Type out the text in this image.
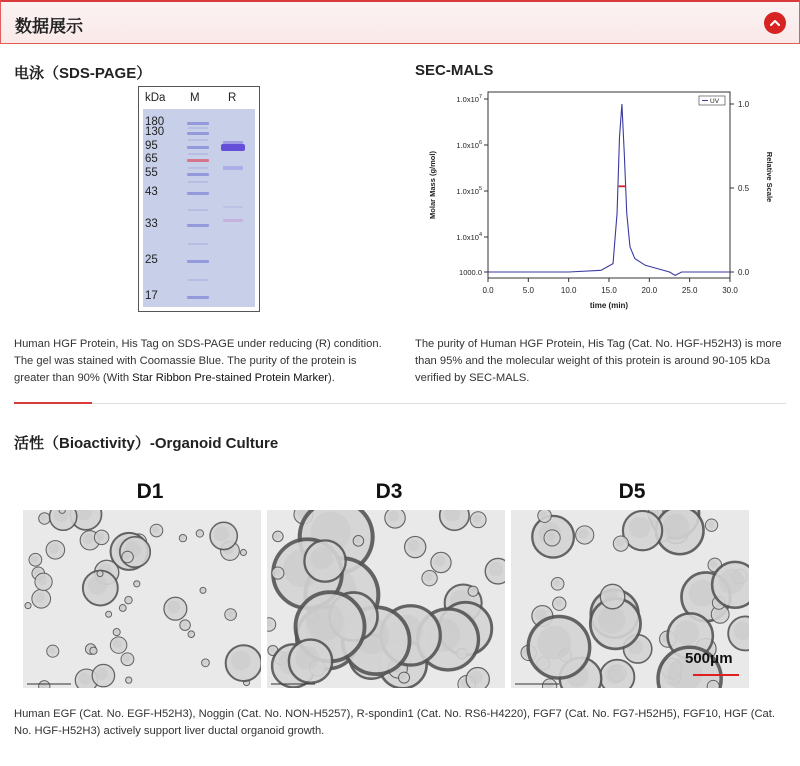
数据展示
电泳（SDS-PAGE）
kDa M R
180
130
95
65
55
43
33
25
17
Human HGF Protein, His Tag on SDS-PAGE under reducing (R) condition. The gel was stained with Coomassie Blue. The purity of the protein is greater than 90% (With Star Ribbon Pre-stained Protein Marker).
SEC-MALS
0.0	5.0	10.0	15.0	20.0	25.0	30.0
1000.0
$1.0x10^4$
$1.0x10^5$
$1.0x10^6$
$1.0x10^7$
0.0
0.5
1.0
time (min)
Molar Mass (g/mol)	Relative Scale
UV
The purity of Human HGF Protein, His Tag (Cat. No. HGF-H52H3) is more than 95% and the molecular weight of this protein is around 90-105 kDa verified by SEC-MALS.
活性（Bioactivity）-Organoid Culture
D1	D3	D5
500μm
Human EGF (Cat. No. EGF-H52H3), Noggin (Cat. No. NON-H5257), R-spondin1 (Cat. No. RS6-H4220), FGF7 (Cat. No. FG7-H52H5), FGF10, HGF (Cat. No. HGF-H52H3) actively support liver ductal organoid growth.
